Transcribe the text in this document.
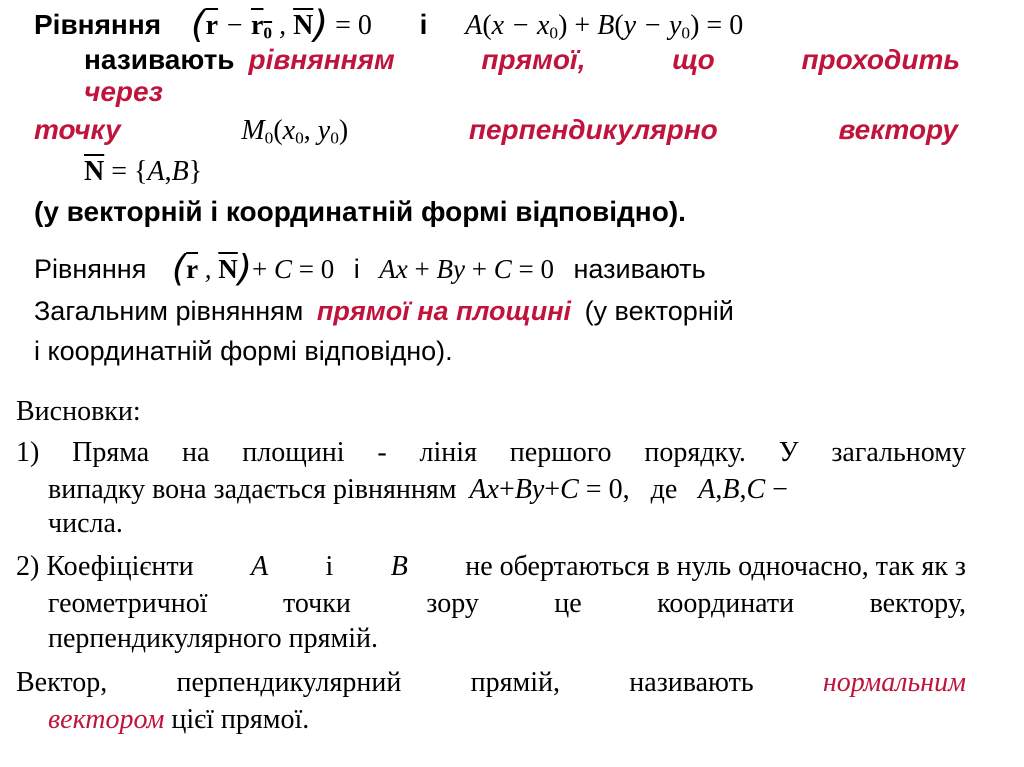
Рівняння ($\overline{r} - r_0$ , $\overline{N}) = 0$ і $A(x - x_0) + B(y - y_0) = 0$
називають рівнянням	прямої,	що	проходить
через
точку	$M_0(x_0$, $y_0$)	перпендикулярно	вектору
$\overline{N} = \{A,B\}$
(у векторній і координатній формі відповідно).
Рівняння ($\overline{r}$ , $\overline{N})+ C = 0$ і Ax + By + C = 0 називають
Загальним рівнянням прямої на площині (у векторній
і координатній формі відповідно).
Висновки:
1) Пряма на площині - лінія першого порядку. У загальному
випадку вона задається рівнянням Ax+By+C = 0, де A,B,C −
числа.
2) Коефіцієнти A і B не обертаються в нуль одночасно, так як з
геометричної	точки	зору	це	координати	вектору,
перпендикулярного прямій.
Вектор, перпендикулярний прямій, називають нормальним
вектором цієї прямої.
